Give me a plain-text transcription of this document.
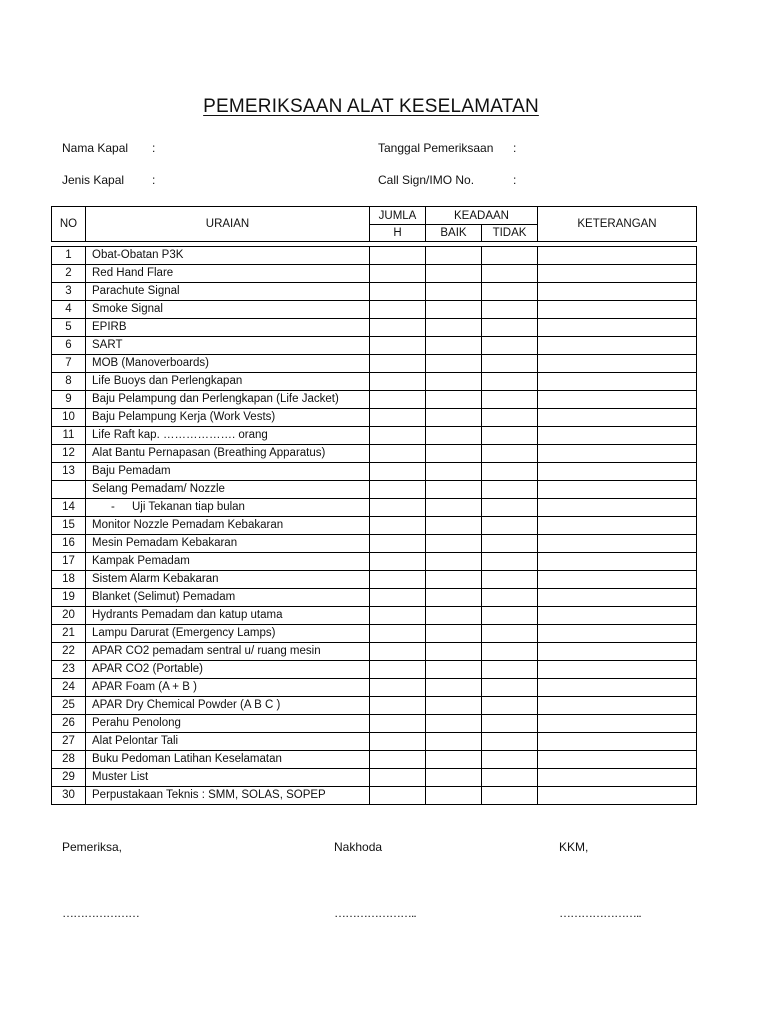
PEMERIKSAAN ALAT KESELAMATAN
Nama Kapal :	Tanggal Pemeriksaan :
Jenis Kapal :	Call Sign/IMO No.	:
NO	URAIAN	JUMLA	KEADAAN		KETERANGAN
		H	BAIK	TIDAK	
1	Obat-Obatan P3K				
2	Red Hand Flare				
3	Parachute Signal				
4	Smoke Signal				
5	EPIRB				
6	SART				
7	MOB (Manoverboards)				
8	Life Buoys dan Perlengkapan				
9	Baju Pelampung dan Perlengkapan (Life Jacket)				
10	Baju Pelampung Kerja (Work Vests)				
11	Life Raft kap. ………………. orang				
12	Alat Bantu Pernapasan (Breathing Apparatus)				
13	Baju Pemadam				
	Selang Pemadam/ Nozzle				
14	- Uji Tekanan tiap bulan				
15	Monitor Nozzle Pemadam Kebakaran				
16	Mesin Pemadam Kebakaran				
17	Kampak Pemadam				
18	Sistem Alarm Kebakaran				
19	Blanket (Selimut) Pemadam				
20	Hydrants Pemadam dan katup utama				
21	Lampu Darurat (Emergency Lamps)				
22	APAR CO2 pemadam sentral u/ ruang mesin				
23	APAR CO2 (Portable)				
24	APAR Foam (A + B )				
25	APAR Dry Chemical Powder (A B C )				
26	Perahu Penolong				
27	Alat Pelontar Tali				
28	Buku Pedoman Latihan Keselamatan				
29	Muster List				
30	Perpustakaan Teknis : SMM, SOLAS, SOPEP				
Pemeriksa,	Nakhoda	KKM,
…………………	…………………..	…………………..
